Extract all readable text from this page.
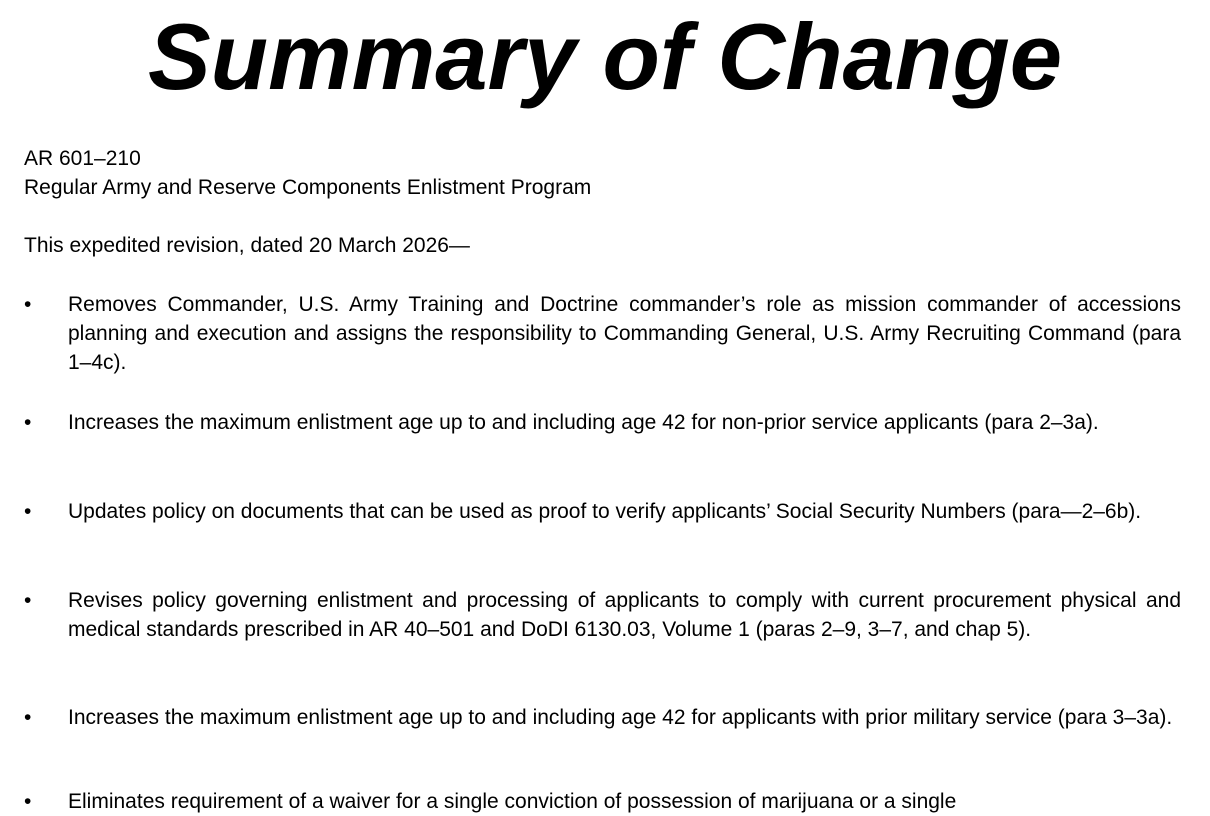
Summary of Change

AR 601–210

Regular Army and Reserve Components Enlistment Program

This expedited revision, dated 20 March 2026—

• Removes Commander, U.S. Army Training and Doctrine commander’s role as mission commander of accessions planning and execution and assigns the responsibility to Commanding General, U.S. Army Recruiting Command (para 1–4c).

• Increases the maximum enlistment age up to and including age 42 for non-prior service applicants (para 2–3a).

• Updates policy on documents that can be used as proof to verify applicants’ Social Security Numbers (para—2–6b).

• Revises policy governing enlistment and processing of applicants to comply with current procurement physical and medical standards prescribed in AR 40–501 and DoDI 6130.03, Volume 1 (paras 2–9, 3–7, and chap 5).

• Increases the maximum enlistment age up to and including age 42 for applicants with prior military service (para 3–3a).

• Eliminates requirement of a waiver for a single conviction of possession of marijuana or a single
